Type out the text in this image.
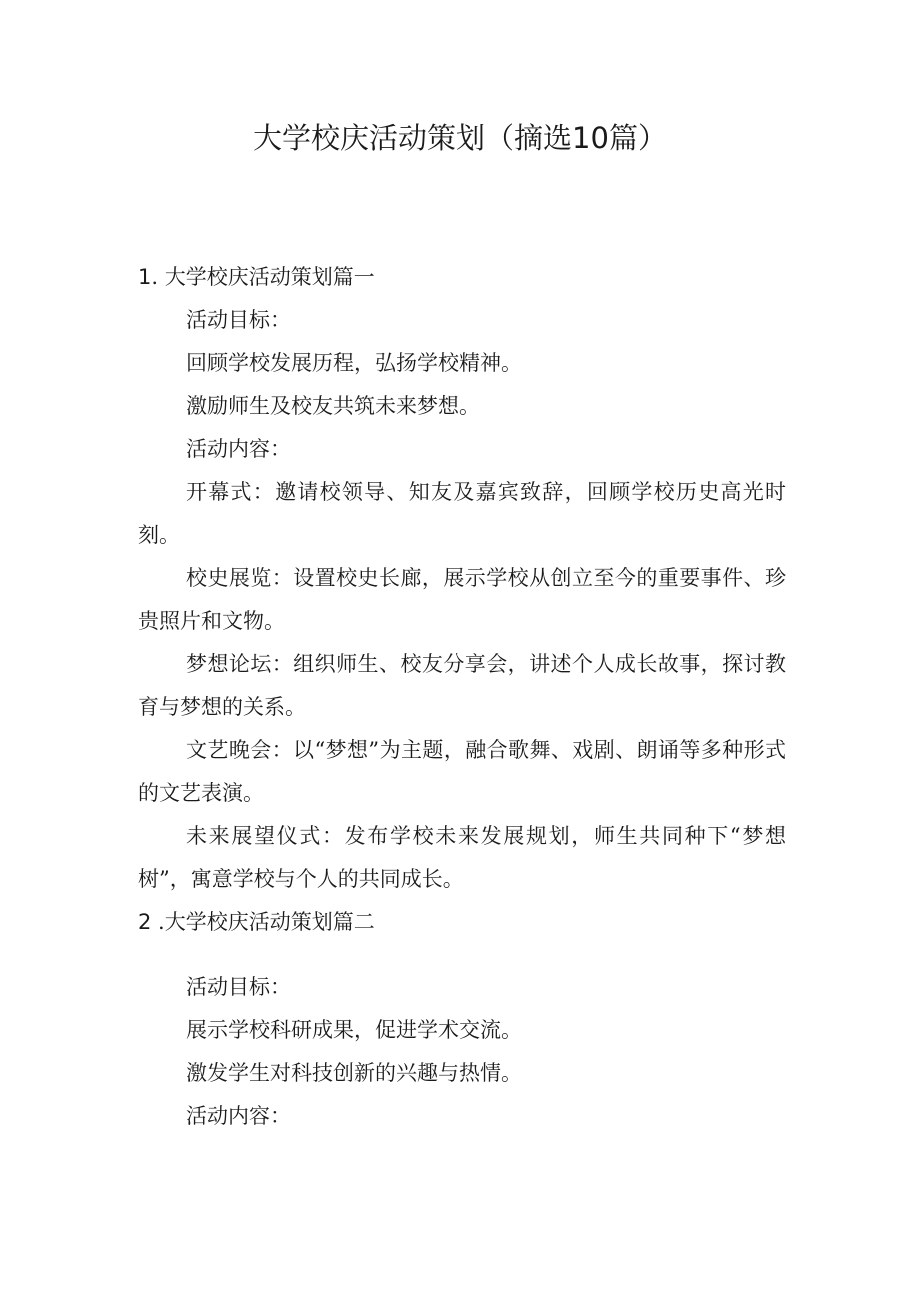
大学校庆活动策划（摘选10篇）
1. 大学校庆活动策划篇一

活动目标：

回顾学校发展历程，弘扬学校精神。

激励师生及校友共筑未来梦想。

活动内容：

开幕式：邀请校领导、知友及嘉宾致辞，回顾学校历史高光时刻。

校史展览：设置校史长廊，展示学校从创立至今的重要事件、珍贵照片和文物。

梦想论坛：组织师生、校友分享会，讲述个人成长故事，探讨教育与梦想的关系。

文艺晚会：以“梦想”为主题，融合歌舞、戏剧、朗诵等多种形式的文艺表演。

未来展望仪式：发布学校未来发展规划，师生共同种下“梦想树”，寓意学校与个人的共同成长。

2 .大学校庆活动策划篇二

活动目标：

展示学校科研成果，促进学术交流。

激发学生对科技创新的兴趣与热情。

活动内容：
